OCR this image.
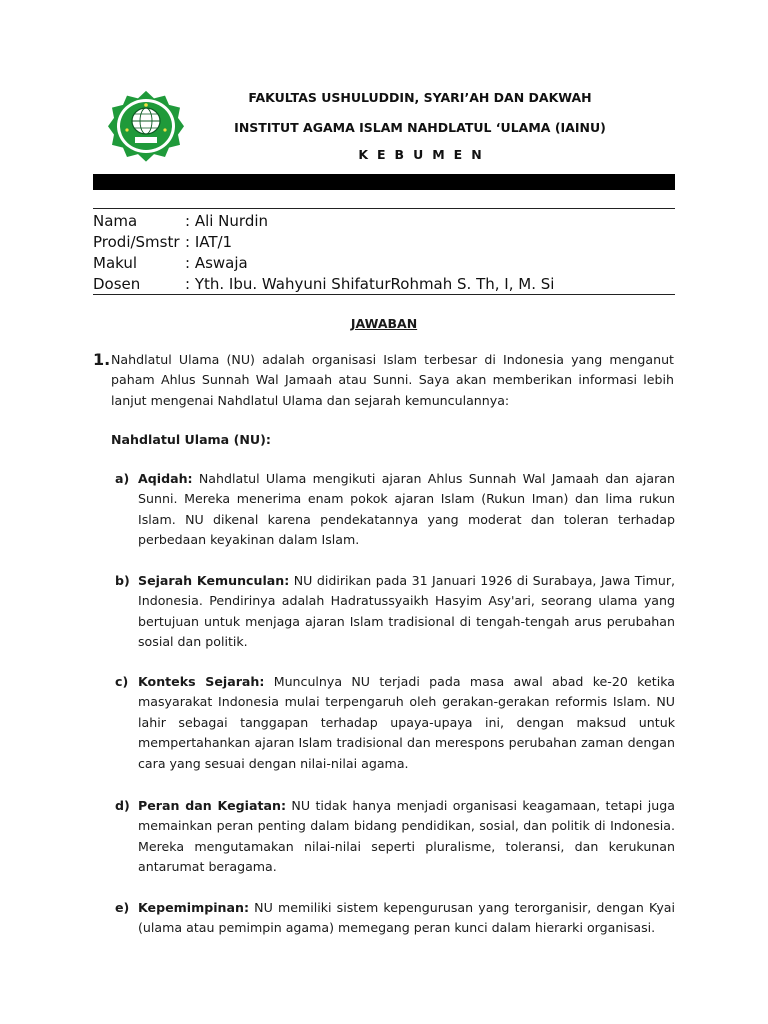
FAKULTAS USHULUDDIN, SYARI’AH DAN DAKWAH
INSTITUT AGAMA ISLAM NAHDLATUL ‘ULAMA (IAINU)
KEBUMEN
Nama	: Ali Nurdin
Prodi/Smstr : IAT/1
Makul	: Aswaja
Dosen	: Yth. Ibu. Wahyuni ShifaturRohmah S. Th, I, M. Si
JAWABAN
1. Nahdlatul Ulama (NU) adalah organisasi Islam terbesar di Indonesia yang menganut paham Ahlus Sunnah Wal Jamaah atau Sunni. Saya akan memberikan informasi lebih lanjut mengenai Nahdlatul Ulama dan sejarah kemunculannya:
Nahdlatul Ulama (NU):
a) Aqidah: Nahdlatul Ulama mengikuti ajaran Ahlus Sunnah Wal Jamaah dan ajaran Sunni. Mereka menerima enam pokok ajaran Islam (Rukun Iman) dan lima rukun Islam. NU dikenal karena pendekatannya yang moderat dan toleran terhadap perbedaan keyakinan dalam Islam.
b) Sejarah Kemunculan: NU didirikan pada 31 Januari 1926 di Surabaya, Jawa Timur, Indonesia. Pendirinya adalah Hadratussyaikh Hasyim Asy'ari, seorang ulama yang bertujuan untuk menjaga ajaran Islam tradisional di tengah-tengah arus perubahan sosial dan politik.
c) Konteks Sejarah: Munculnya NU terjadi pada masa awal abad ke-20 ketika masyarakat Indonesia mulai terpengaruh oleh gerakan-gerakan reformis Islam. NU lahir sebagai tanggapan terhadap upaya-upaya ini, dengan maksud untuk mempertahankan ajaran Islam tradisional dan merespons perubahan zaman dengan cara yang sesuai dengan nilai-nilai agama.
d) Peran dan Kegiatan: NU tidak hanya menjadi organisasi keagamaan, tetapi juga memainkan peran penting dalam bidang pendidikan, sosial, dan politik di Indonesia. Mereka mengutamakan nilai-nilai seperti pluralisme, toleransi, dan kerukunan antarumat beragama.
e) Kepemimpinan: NU memiliki sistem kepengurusan yang terorganisir, dengan Kyai (ulama atau pemimpin agama) memegang peran kunci dalam hierarki organisasi.
